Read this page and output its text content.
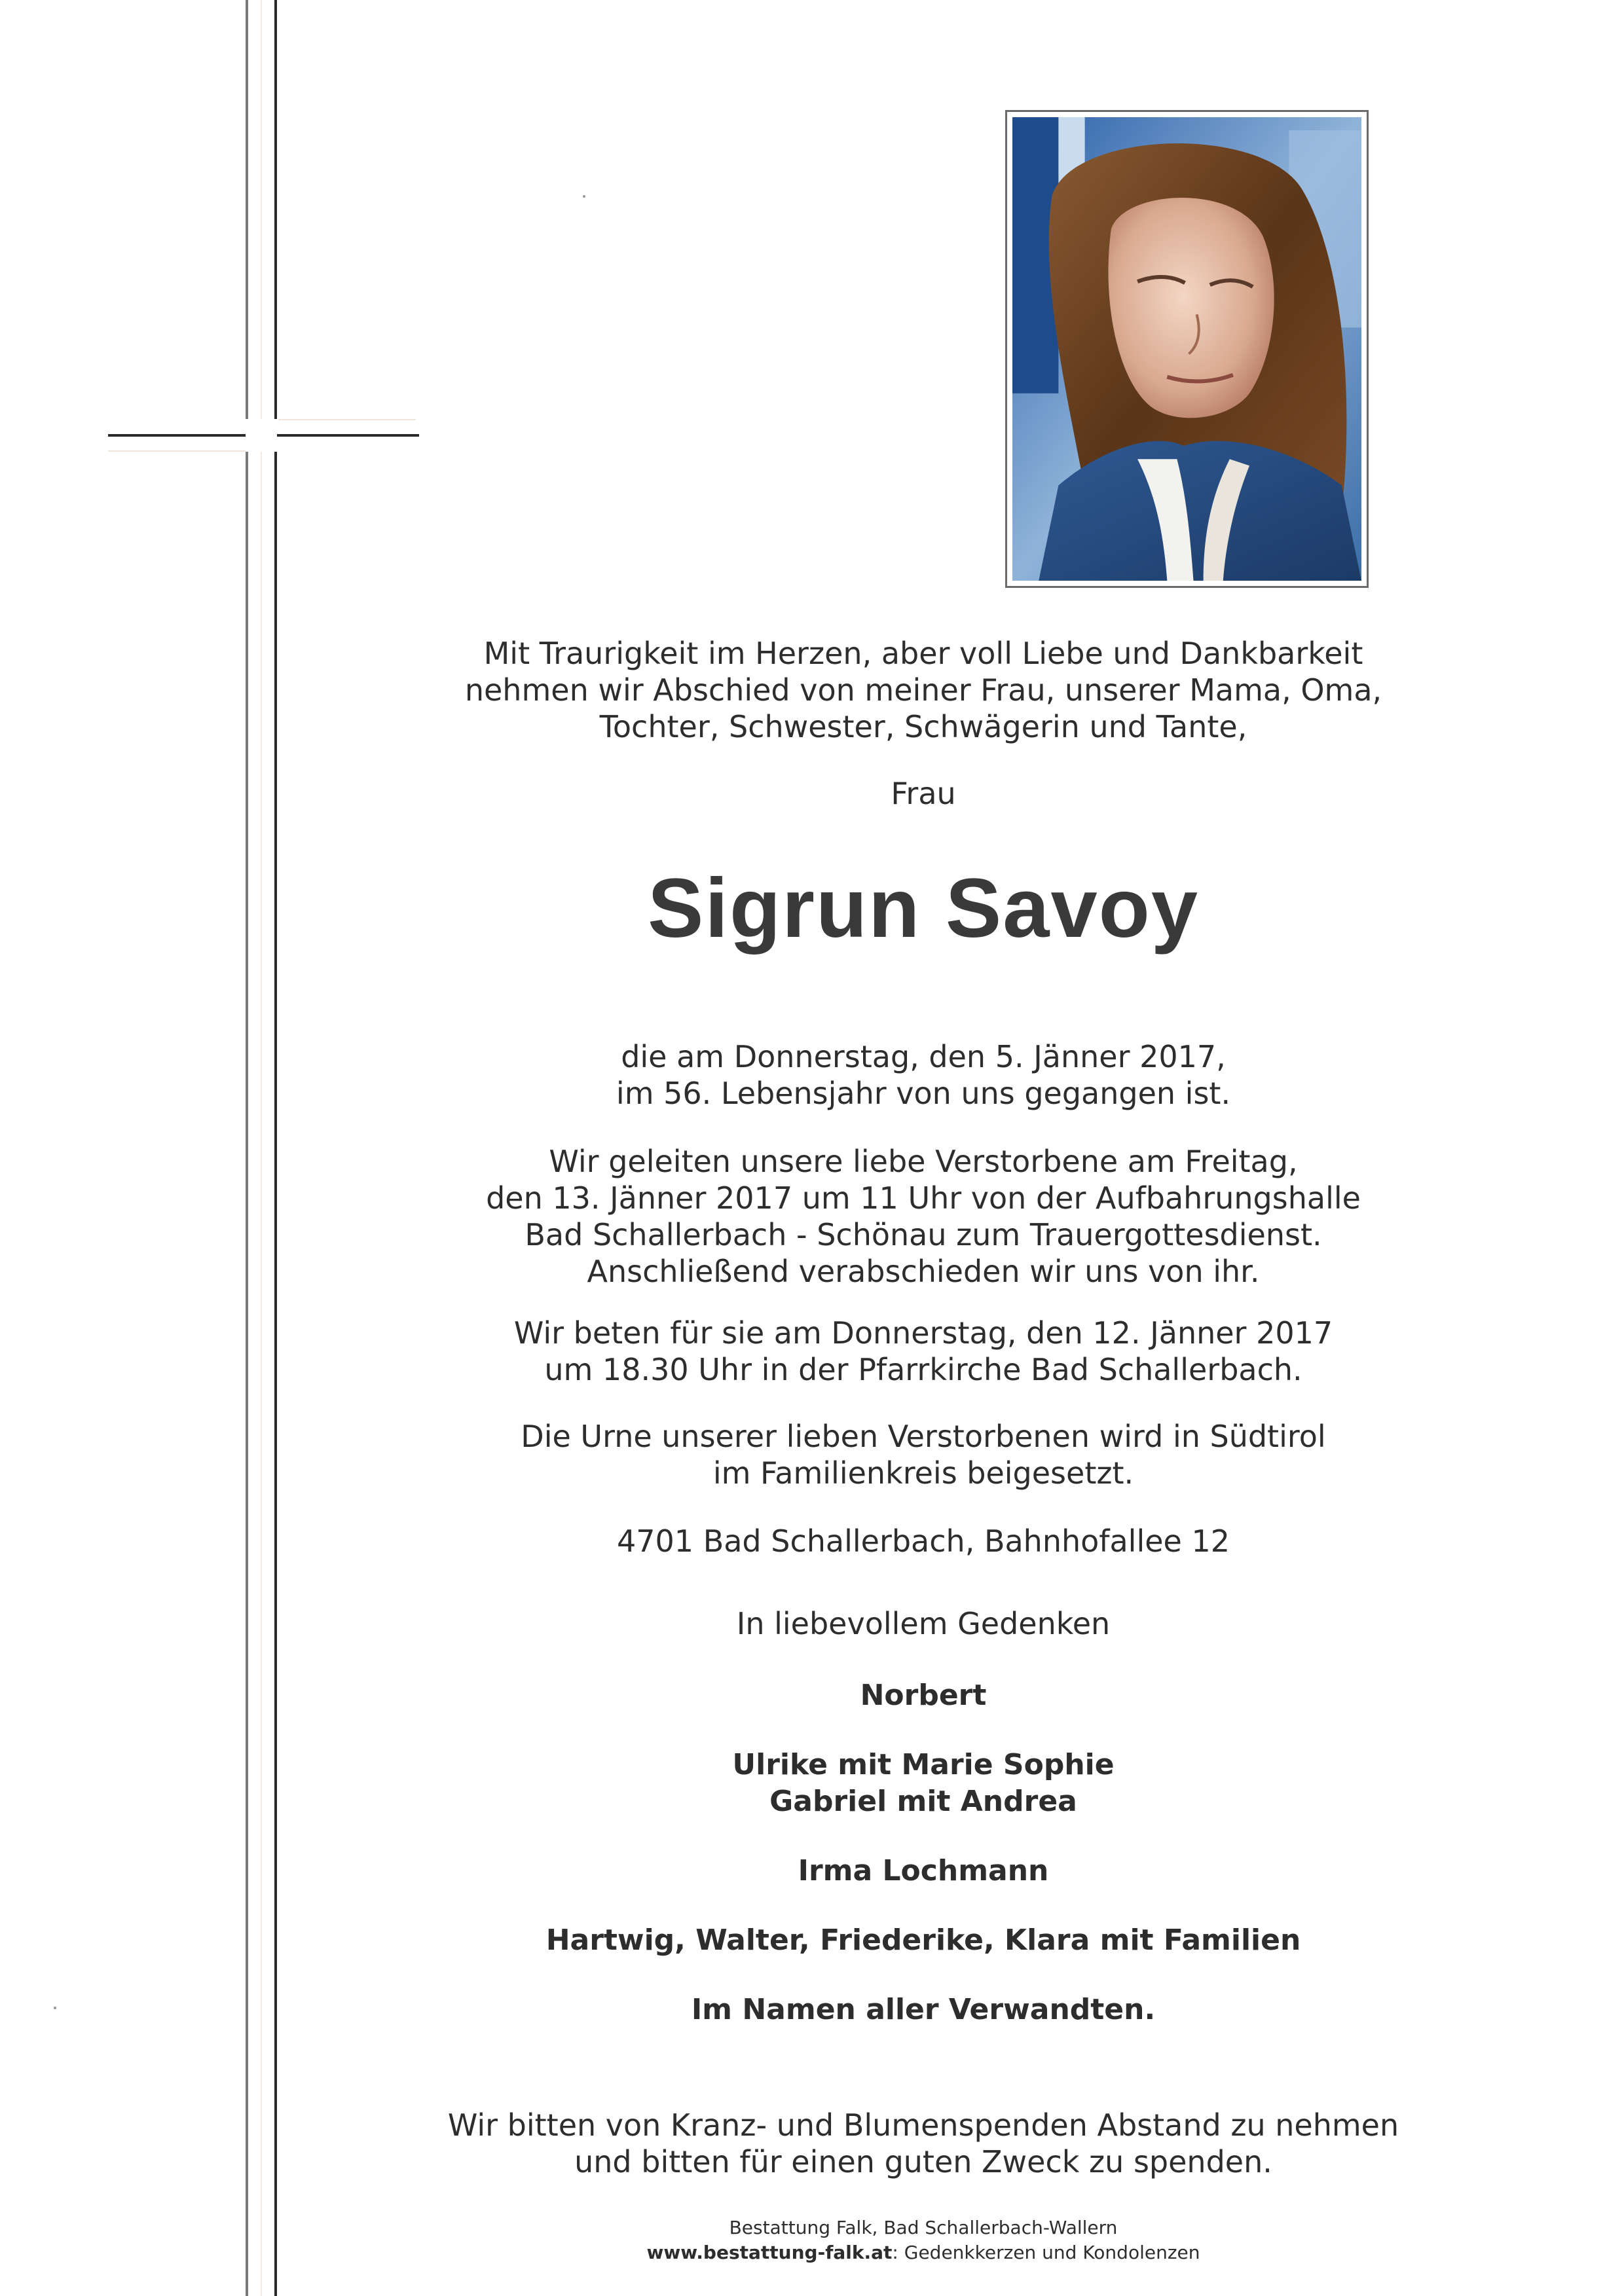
Mit Traurigkeit im Herzen, aber voll Liebe und Dankbarkeit
nehmen wir Abschied von meiner Frau, unserer Mama, Oma,
Tochter, Schwester, Schwägerin und Tante,

Frau

Sigrun Savoy

die am Donnerstag, den 5. Jänner 2017,
im 56. Lebensjahr von uns gegangen ist.

Wir geleiten unsere liebe Verstorbene am Freitag,
den 13. Jänner 2017 um 11 Uhr von der Aufbahrungshalle
Bad Schallerbach - Schönau zum Trauergottesdienst.
Anschließend verabschieden wir uns von ihr.

Wir beten für sie am Donnerstag, den 12. Jänner 2017
um 18.30 Uhr in der Pfarrkirche Bad Schallerbach.

Die Urne unserer lieben Verstorbenen wird in Südtirol
im Familienkreis beigesetzt.

4701 Bad Schallerbach, Bahnhofallee 12

In liebevollem Gedenken

Norbert

Ulrike mit Marie Sophie
Gabriel mit Andrea

Irma Lochmann

Hartwig, Walter, Friederike, Klara mit Familien

Im Namen aller Verwandten.

Wir bitten von Kranz- und Blumenspenden Abstand zu nehmen
und bitten für einen guten Zweck zu spenden.

Bestattung Falk, Bad Schallerbach-Wallern

www.bestattung-falk.at: Gedenkkerzen und Kondolenzen
